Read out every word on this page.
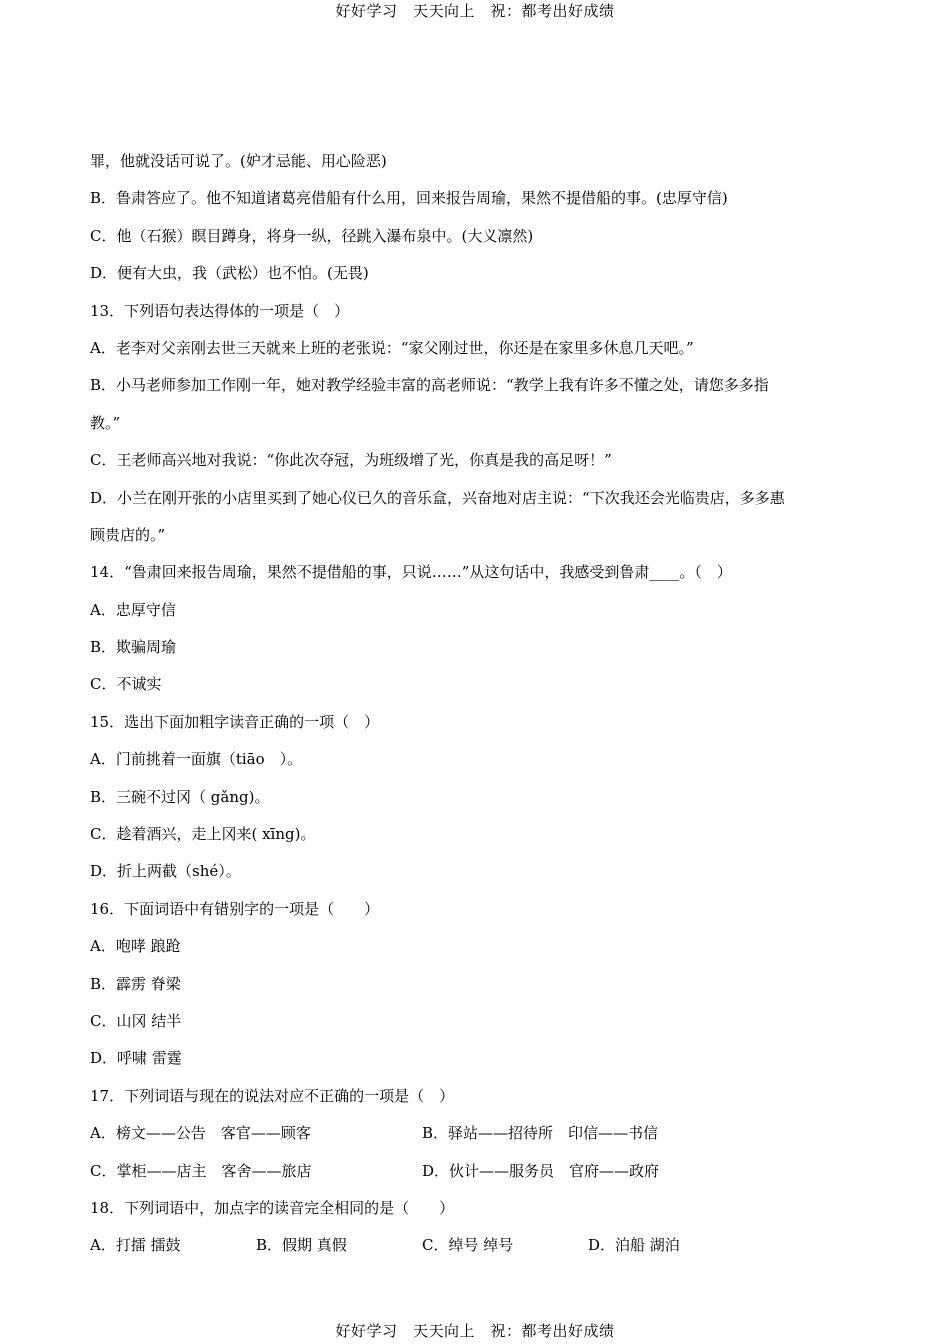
好好学习　天天向上　祝：都考出好成绩
罪，他就没话可说了。(妒才忌能、用心险恶)
B．鲁肃答应了。他不知道诸葛亮借船有什么用，回来报告周瑜，果然不提借船的事。(忠厚守信)
C．他（石猴）瞑目蹲身，将身一纵，径跳入瀑布泉中。(大义凛然)
D．便有大虫，我（武松）也不怕。(无畏)
13．下列语句表达得体的一项是（　）
A．老李对父亲刚去世三天就来上班的老张说：“家父刚过世，你还是在家里多休息几天吧。”
B．小马老师参加工作刚一年，她对教学经验丰富的高老师说：“教学上我有许多不懂之处，请您多多指
教。”
C．王老师高兴地对我说：“你此次夺冠，为班级增了光，你真是我的高足呀！”
D．小兰在刚开张的小店里买到了她心仪已久的音乐盒，兴奋地对店主说：“下次我还会光临贵店，多多惠
顾贵店的。”
14．“鲁肃回来报告周瑜，果然不提借船的事，只说……”从这句话中，我感受到鲁肃____。（　）
A．忠厚守信
B．欺骗周瑜
C．不诚实
15．选出下面加粗字读音正确的一项（　）
A．门前挑着一面旗（tiāo　）。
B．三碗不过冈（ gǎng)。
C．趁着酒兴，走上冈来( xīng)。
D．折上两截（shé）。
16．下面词语中有错别字的一项是（　　）
A．咆哮 踉跄
B．霹雳 脊梁
C．山冈 结半
D．呼啸 雷霆
17．下列词语与现在的说法对应不正确的一项是（　）
A．榜文——公告　客官——顾客	B．驿站——招待所　印信——书信
C．掌柜——店主　客舍——旅店	D．伙计——服务员　官府——政府
18．下列词语中，加点字的读音完全相同的是（　　）
A．打擂 擂鼓	B．假期 真假	C．绰号 绰号	D．泊船 湖泊
好好学习　天天向上　祝：都考出好成绩
